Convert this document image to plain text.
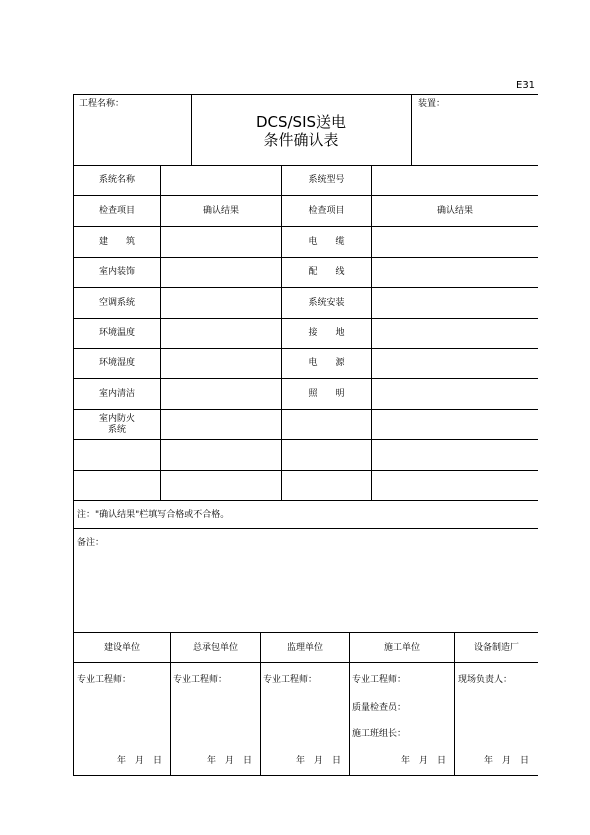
E31
工程名称：
DCS/SIS送电
条件确认表
装置：
系统名称	系统型号
检查项目	确认结果	检查项目	确认结果
建　　筑	电　　缆
室内装饰	配　　线
空调系统	系统安装
环境温度	接　　地
环境湿度	电　　源
室内清洁	照　　明
室内防火
系统
注："确认结果"栏填写合格或不合格。
备注：
建设单位	总承包单位	监理单位	施工单位	设备制造厂
专业工程师：	专业工程师：	专业工程师：	专业工程师：	现场负责人：
质量检查员：
施工班组长：
年　月　日	年　月　日	年　月　日	年　月　日	年　月　日
